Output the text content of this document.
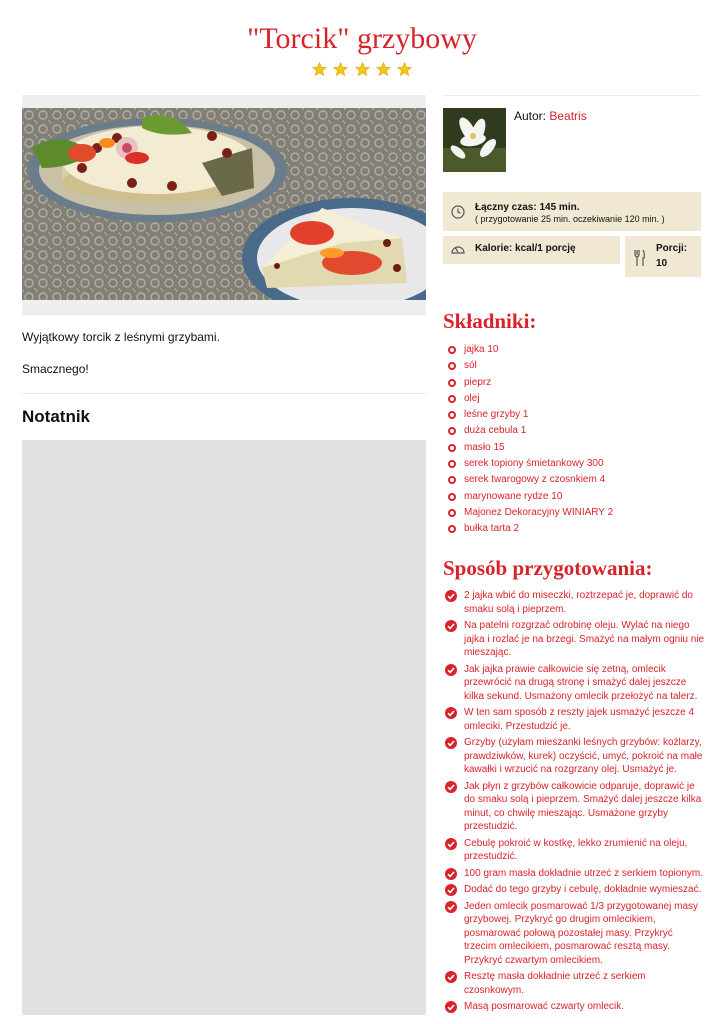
"Torcik" grzybowy

Wyjątkowy torcik z leśnymi grzybami.

Smacznego!

Notatnik
Autor: Beatris
Łączny czas: 145 min.
( przygotowanie 25 min. oczekiwanie 120 min. )
Kalorie: kcal/1 porcję	Porcji:
10
Składniki:
jajka 10
sól
pieprz
olej
leśne grzyby 1
duża cebula 1
masło 15
serek topiony śmietankowy 300
serek twarogowy z czosnkiem 4
marynowane rydze 10
Majonez Dekoracyjny WINIARY 2
bułka tarta 2
Sposób przygotowania:
2 jajka wbić do miseczki, roztrzepać je, doprawić do smaku solą i pieprzem.
Na patelni rozgrzać odrobinę oleju. Wylać na niego jajka i rozlać je na brzegi. Smażyć na małym ogniu nie mieszając.
Jak jajka prawie całkowicie się zetną, omlecik przewrócić na drugą stronę i smażyć dalej jeszcze kilka sekund. Usmażony omlecik przełożyć na talerz.
W ten sam sposób z reszty jajek usmażyć jeszcze 4 omleciki. Przestudzić je.
Grzyby (użyłam mieszanki leśnych grzybów: koźlarzy, prawdziwków, kurek) oczyścić, umyć, pokroić na małe kawałki i wrzucić na rozgrzany olej. Usmażyć je.
Jak płyn z grzybów całkowicie odparuje, doprawić je do smaku solą i pieprzem. Smażyć dalej jeszcze kilka minut, co chwilę mieszając. Usmażone grzyby przestudzić.
Cebulę pokroić w kostkę, lekko zrumienić na oleju, przestudzić.
100 gram masła dokładnie utrzeć z serkiem topionym.
Dodać do tego grzyby i cebulę, dokładnie wymieszać.
Jeden omlecik posmarować 1/3 przygotowanej masy grzybowej. Przykryć go drugim omlecikiem, posmarować połową pozostałej masy. Przykryć trzecim omlecikiem, posmarować resztą masy. Przykryć czwartym omlecikiem.
Resztę masła dokładnie utrzeć z serkiem czosnkowym.
Masą posmarować czwarty omlecik.
